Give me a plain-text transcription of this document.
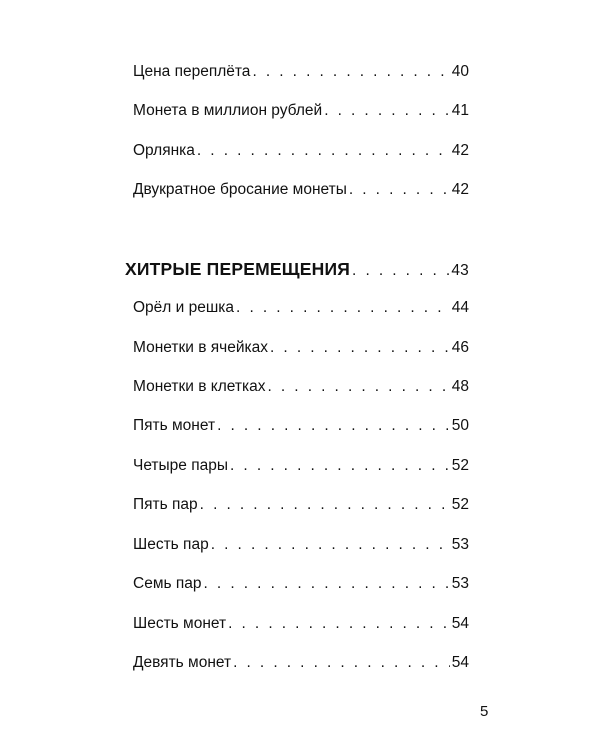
Цена переплёта . . .	40
Монета в миллион рублей . . .	41
Орлянка . . .	42
Двукратное бросание монеты . . .	42
ХИТРЫЕ ПЕРЕМЕЩЕНИЯ . . .	43
Орёл и решка . . .	44
Монетки в ячейках . . .	46
Монетки в клетках . . .	48
Пять монет . . .	50
Четыре пары . . .	52
Пять пар . . .	52
Шесть пар . . .	53
Семь пар . . .	53
Шесть монет . . .	54
Девять монет . . .	54
5
